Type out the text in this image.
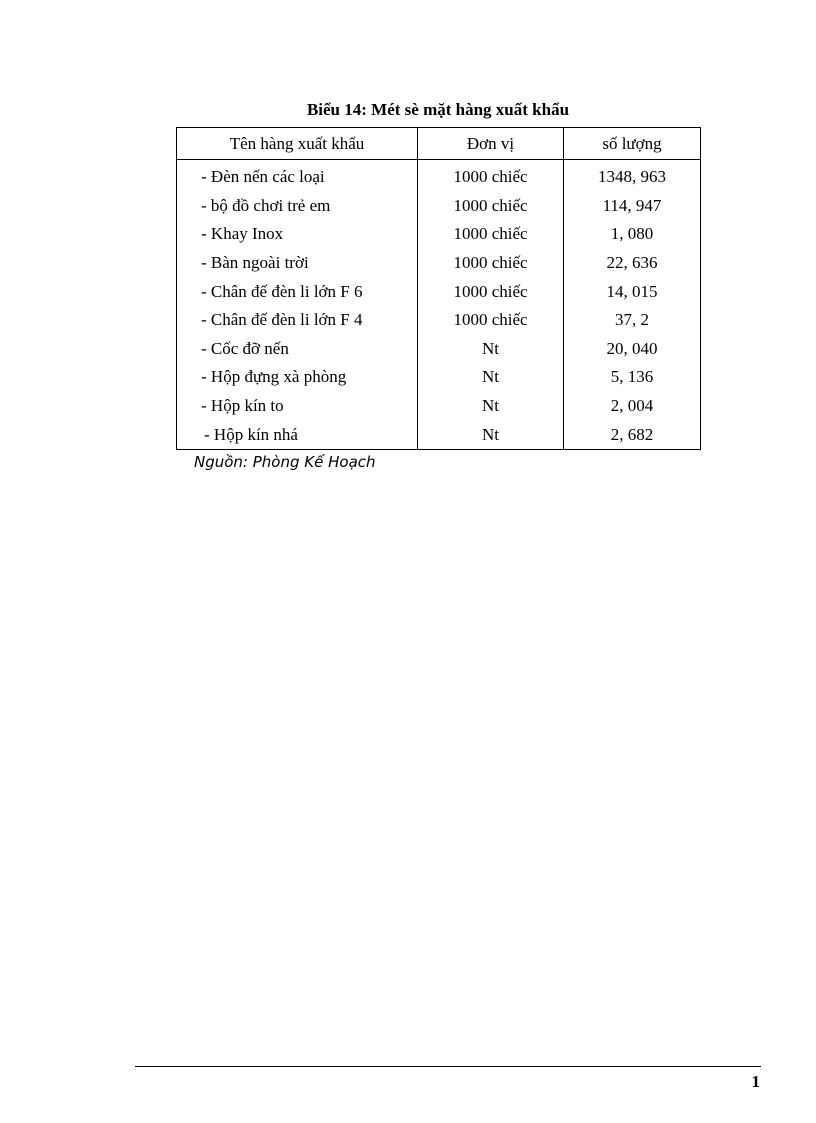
Biểu 14: Mét sè mặt hàng xuất khẩu
Tên hàng xuất khẩu	Đơn vị	số lượng
- Đèn nến các loại	1000 chiếc	1348, 963
- bộ đồ chơi trẻ em	1000 chiếc	114, 947
- Khay Inox	1000 chiếc	1, 080
- Bàn ngoài trời	1000 chiếc	22, 636
- Chân đế đèn li lớn F 6	1000 chiếc	14, 015
- Chân đế đèn li lớn F 4	1000 chiếc	37, 2
- Cốc đỡ nến	Nt	20, 040
- Hộp đựng xà phòng	Nt	5, 136
- Hộp kín to	Nt	2, 004
- Hộp kín nhá	Nt	2, 682
Nguồn: Phòng Kế Hoạch
1
